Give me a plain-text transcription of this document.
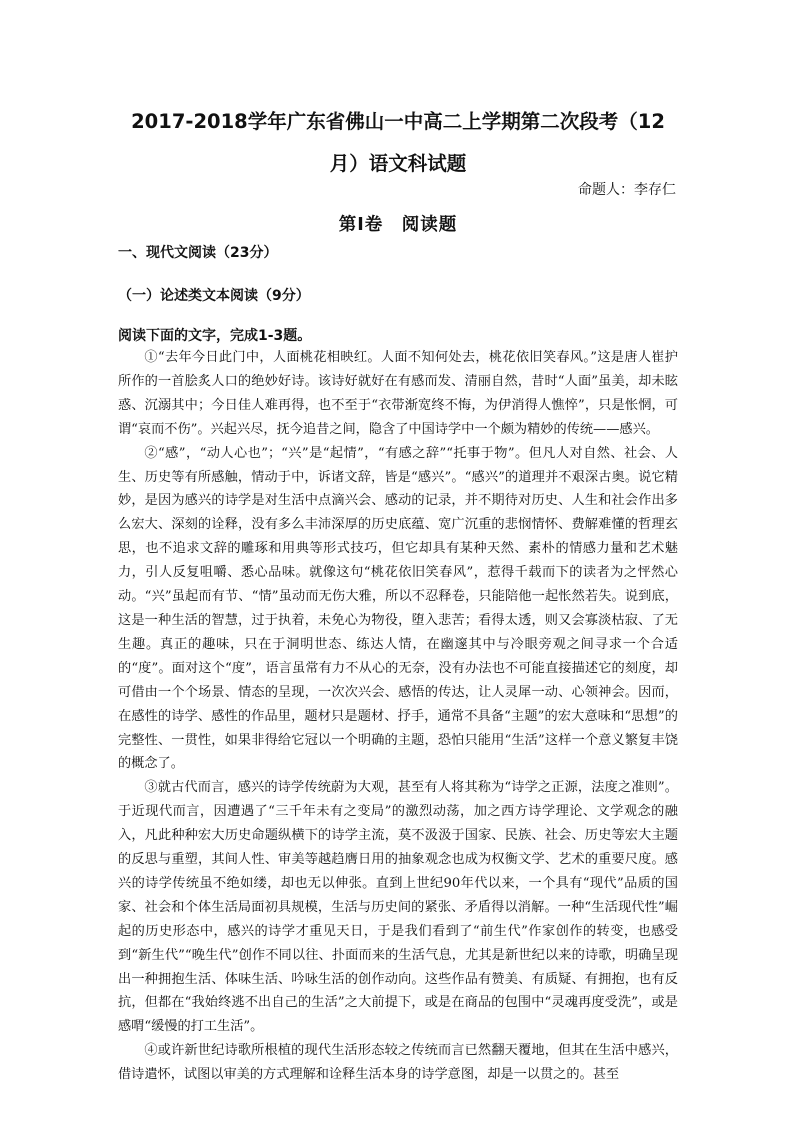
2017-2018学年广东省佛山一中高二上学期第二次段考（12
月）语文科试题
命题人：李存仁
第Ⅰ卷　阅读题
一、现代文阅读（23分）
（一）论述类文本阅读（9分）
阅读下面的文字，完成1-3题。

①“去年今日此门中，人面桃花相映红。人面不知何处去，桃花依旧笑春风。”这是唐人崔护所作的一首脍炙人口的绝妙好诗。该诗好就好在有感而发、清丽自然，昔时“人面”虽美，却未眩惑、沉溺其中；今日佳人难再得，也不至于“衣带渐宽终不悔，为伊消得人憔悴”，只是怅惘，可谓“哀而不伤”。兴起兴尽，抚今追昔之间，隐含了中国诗学中一个颇为精妙的传统——感兴。

②“感”，“动人心也”；“兴”是“起情”，“有感之辞”“托事于物”。但凡人对自然、社会、人生、历史等有所感触，情动于中，诉诸文辞，皆是“感兴”。“感兴”的道理并不艰深古奥。说它精妙，是因为感兴的诗学是对生活中点滴兴会、感动的记录，并不期待对历史、人生和社会作出多么宏大、深刻的诠释，没有多么丰沛深厚的历史底蕴、宽广沉重的悲悯情怀、费解难懂的哲理玄思，也不追求文辞的雕琢和用典等形式技巧，但它却具有某种天然、素朴的情感力量和艺术魅力，引人反复咀嚼、悉心品味。就像这句“桃花依旧笑春风”，惹得千载而下的读者为之怦然心动。“兴”虽起而有节、“情”虽动而无伤大雅，所以不忍释卷，只能陪他一起怅然若失。说到底，这是一种生活的智慧，过于执着，未免心为物役，堕入悲苦；看得太透，则又会寡淡枯寂、了无生趣。真正的趣味，只在于洞明世态、练达人情，在幽邃其中与冷眼旁观之间寻求一个合适的“度”。面对这个“度”，语言虽常有力不从心的无奈，没有办法也不可能直接描述它的刻度，却可借由一个个场景、情态的呈现，一次次兴会、感悟的传达，让人灵犀一动、心领神会。因而，在感性的诗学、感性的作品里，题材只是题材、抒手，通常不具备“主题”的宏大意味和“思想”的完整性、一贯性，如果非得给它冠以一个明确的主题，恐怕只能用“生活”这样一个意义繁复丰饶的概念了。

③就古代而言，感兴的诗学传统蔚为大观，甚至有人将其称为“诗学之正源，法度之准则”。于近现代而言，因遭遇了“三千年未有之变局”的激烈动荡，加之西方诗学理论、文学观念的融入，凡此种种宏大历史命题纵横下的诗学主流，莫不汲汲于国家、民族、社会、历史等宏大主题的反思与重塑，其间人性、审美等越趋膺日用的抽象观念也成为权衡文学、艺术的重要尺度。感兴的诗学传统虽不绝如缕，却也无以伸张。直到上世纪90年代以来，一个具有“现代”品质的国家、社会和个体生活局面初具规模，生活与历史间的紧张、矛盾得以消解。一种“生活现代性”崛起的历史形态中，感兴的诗学才重见天日，于是我们看到了“前生代”作家创作的转变，也感受到“新生代”“晚生代”创作不同以往、扑面而来的生活气息，尤其是新世纪以来的诗歌，明确呈现出一种拥抱生活、体味生活、吟咏生活的创作动向。这些作品有赞美、有质疑、有拥抱，也有反抗，但都在“我始终逃不出自己的生活”之大前提下，或是在商品的包围中“灵魂再度受洗”，或是感喟“缓慢的打工生活”。

④或许新世纪诗歌所根植的现代生活形态较之传统而言已然翻天覆地，但其在生活中感兴，借诗遣怀，试图以审美的方式理解和诠释生活本身的诗学意图，却是一以贯之的。甚至
